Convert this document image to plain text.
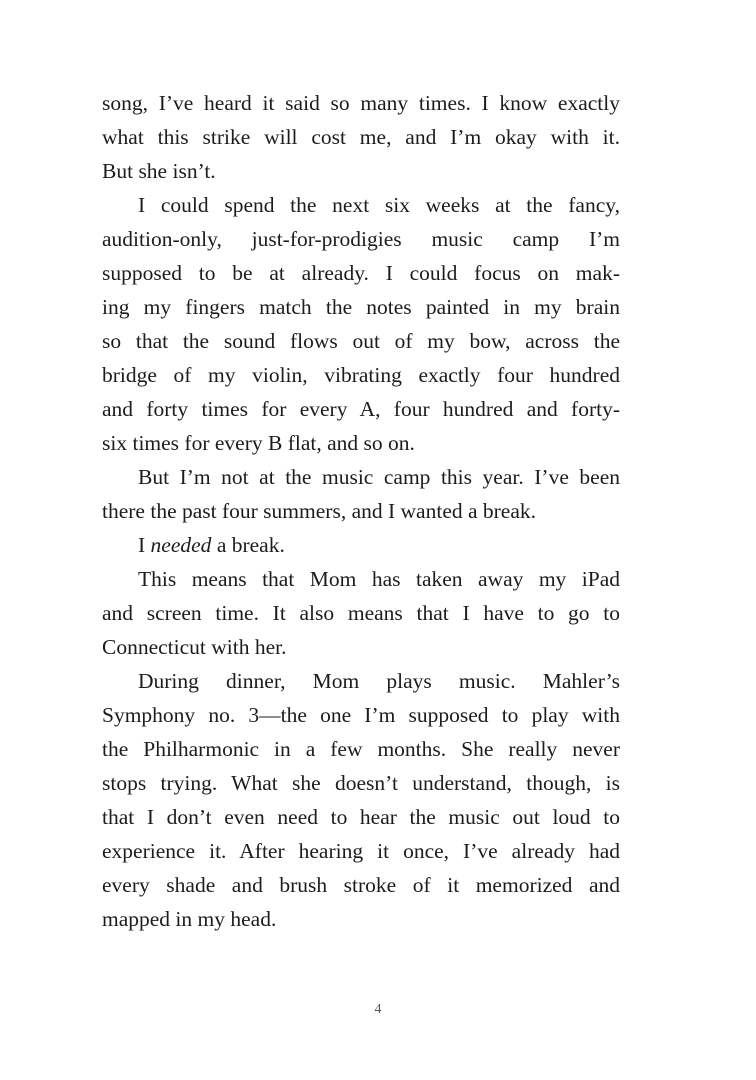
song, I’ve heard it said so many times. I know exactly
what this strike will cost me, and I’m okay with it.
But she isn’t.
I could spend the next six weeks at the fancy,
audition-only, just-for-prodigies music camp I’m
supposed to be at already. I could focus on mak-
ing my fingers match the notes painted in my brain
so that the sound flows out of my bow, across the
bridge of my violin, vibrating exactly four hundred
and forty times for every A, four hundred and forty-
six times for every B flat, and so on.
But I’m not at the music camp this year. I’ve been
there the past four summers, and I wanted a break.
I needed a break.
This means that Mom has taken away my iPad
and screen time. It also means that I have to go to
Connecticut with her.
During dinner, Mom plays music. Mahler’s
Symphony no. 3—the one I’m supposed to play with
the Philharmonic in a few months. She really never
stops trying. What she doesn’t understand, though, is
that I don’t even need to hear the music out loud to
experience it. After hearing it once, I’ve already had
every shade and brush stroke of it memorized and
mapped in my head.
4
